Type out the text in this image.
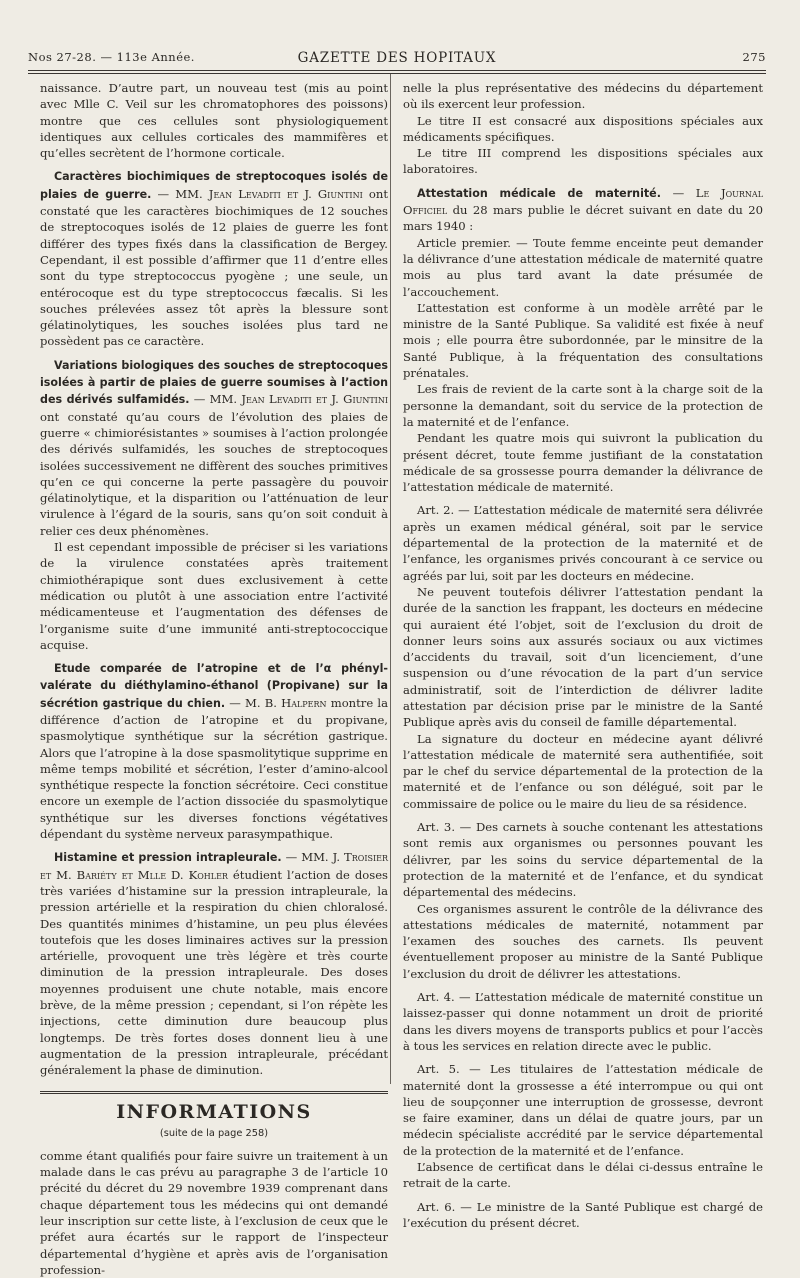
Nos 27-28. — 113e Année.	GAZETTE DES HOPITAUX	275

naissance. D’autre part, un nouveau test (mis au point avec Mlle C. Veil sur les chromatophores des poissons) montre que ces cellules sont physiologiquement identiques aux cellules corticales des mammifères et qu’elles secrètent de l’hormone corticale.

Caractères biochimiques de streptocoques isolés de plaies de guerre. — MM. Jean Levaditi et J. Giuntini ont constaté que les caractères biochimiques de 12 souches de streptocoques isolés de 12 plaies de guerre les font différer des types fixés dans la classification de Bergey. Cependant, il est possible d’affirmer que 11 d’entre elles sont du type streptococcus pyogène ; une seule, un entérocoque est du type streptococcus fæcalis. Si les souches prélevées assez tôt après la blessure sont gélatinolytiques, les souches isolées plus tard ne possèdent pas ce caractère.

Variations biologiques des souches de streptocoques isolées à partir de plaies de guerre soumises à l’action des dérivés sulfamidés. — MM. Jean Levaditi et J. Giuntini ont constaté qu’au cours de l’évolution des plaies de guerre « chimiorésistantes » soumises à l’action prolongée des dérivés sulfamidés, les souches de streptocoques isolées successivement ne diffèrent des souches primitives qu’en ce qui concerne la perte passagère du pouvoir gélatinolytique, et la disparition ou l’atténuation de leur virulence à l’égard de la souris, sans qu’on soit conduit à relier ces deux phénomènes.

Il est cependant impossible de préciser si les variations de la virulence constatées après traitement chimiothérapique sont dues exclusivement à cette médication ou plutôt à une association entre l’activité médicamenteuse et l’augmentation des défenses de l’organisme suite d’une immunité anti-streptococcique acquise.

Etude comparée de l’atropine et de l’α phénylvalérate du diéthylamino-éthanol (Propivane) sur la sécrétion gastrique du chien. — M. B. Halpern montre la différence d’action de l’atropine et du propivane, spasmolytique synthétique sur la sécrétion gastrique. Alors que l’atropine à la dose spasmolitytique supprime en même temps mobilité et sécrétion, l’ester d’amino-alcool synthétique respecte la fonction sécrétoire. Ceci constitue encore un exemple de l’action dissociée du spasmolytique synthétique sur les diverses fonctions végétatives dépendant du système nerveux parasympathique.

Histamine et pression intrapleurale. — MM. J. Troisier et M. Bariéty et Mlle D. Kohler étudient l’action de doses très variées d’histamine sur la pression intrapleurale, la pression artérielle et la respiration du chien chloralosé. Des quantités minimes d’histamine, un peu plus élevées toutefois que les doses liminaires actives sur la pression artérielle, provoquent une très légère et très courte diminution de la pression intrapleurale. Des doses moyennes produisent une chute notable, mais encore brève, de la même pression ; cependant, si l’on répète les injections, cette diminution dure beaucoup plus longtemps. De très fortes doses donnent lieu à une augmentation de la pression intrapleurale, précédant généralement la phase de diminution.

INFORMATIONS
(suite de la page 258)

comme étant qualifiés pour faire suivre un traitement à un malade dans le cas prévu au paragraphe 3 de l’article 10 précité du décret du 29 novembre 1939 comprenant dans chaque département tous les médecins qui ont demandé leur inscription sur cette liste, à l’exclusion de ceux que le préfet aura écartés sur le rapport de l’inspecteur départemental d’hygiène et après avis de l’organisation profession-

nelle la plus représentative des médecins du département où ils exercent leur profession.

Le titre II est consacré aux dispositions spéciales aux médicaments spécifiques.

Le titre III comprend les dispositions spéciales aux laboratoires.

Attestation médicale de maternité. — Le Journal Officiel du 28 mars publie le décret suivant en date du 20 mars 1940 :

Article premier. — Toute femme enceinte peut demander la délivrance d’une attestation médicale de maternité quatre mois au plus tard avant la date présumée de l’accouchement.

L’attestation est conforme à un modèle arrêté par le ministre de la Santé Publique. Sa validité est fixée à neuf mois ; elle pourra être subordonnée, par le minsitre de la Santé Publique, à la fréquentation des consultations prénatales.

Les frais de revient de la carte sont à la charge soit de la personne la demandant, soit du service de la protection de la maternité et de l’enfance.

Pendant les quatre mois qui suivront la publication du présent décret, toute femme justifiant de la constatation médicale de sa grossesse pourra demander la délivrance de l’attestation médicale de maternité.

Art. 2. — L’attestation médicale de maternité sera délivrée après un examen médical général, soit par le service départemental de la protection de la maternité et de l’enfance, les organismes privés concourant à ce service ou agréés par lui, soit par les docteurs en médecine.

Ne peuvent toutefois délivrer l’attestation pendant la durée de la sanction les frappant, les docteurs en médecine qui auraient été l’objet, soit de l’exclusion du droit de donner leurs soins aux assurés sociaux ou aux victimes d’accidents du travail, soit d’un licenciement, d’une suspension ou d’une révocation de la part d’un service administratif, soit de l’interdiction de délivrer ladite attestation par décision prise par le ministre de la Santé Publique après avis du conseil de famille départemental.

La signature du docteur en médecine ayant délivré l’attestation médicale de maternité sera authentifiée, soit par le chef du service départemental de la protection de la maternité et de l’enfance ou son délégué, soit par le commissaire de police ou le maire du lieu de sa résidence.

Art. 3. — Des carnets à souche contenant les attestations sont remis aux organismes ou personnes pouvant les délivrer, par les soins du service départemental de la protection de la maternité et de l’enfance, et du syndicat départemental des médecins.

Ces organismes assurent le contrôle de la délivrance des attestations médicales de maternité, notamment par l’examen des souches des carnets. Ils peuvent éventuellement proposer au ministre de la Santé Publique l’exclusion du droit de délivrer les attestations.

Art. 4. — L’attestation médicale de maternité constitue un laissez-passer qui donne notamment un droit de priorité dans les divers moyens de transports publics et pour l’accès à tous les services en relation directe avec le public.

Art. 5. — Les titulaires de l’attestation médicale de maternité dont la grossesse a été interrompue ou qui ont lieu de soupçonner une interruption de grossesse, devront se faire examiner, dans un délai de quatre jours, par un médecin spécialiste accrédité par le service départemental de la protection de la maternité et de l’enfance.

L’absence de certificat dans le délai ci-dessus entraîne le retrait de la carte.

Art. 6. — Le ministre de la Santé Publique est chargé de l’exécution du présent décret.
